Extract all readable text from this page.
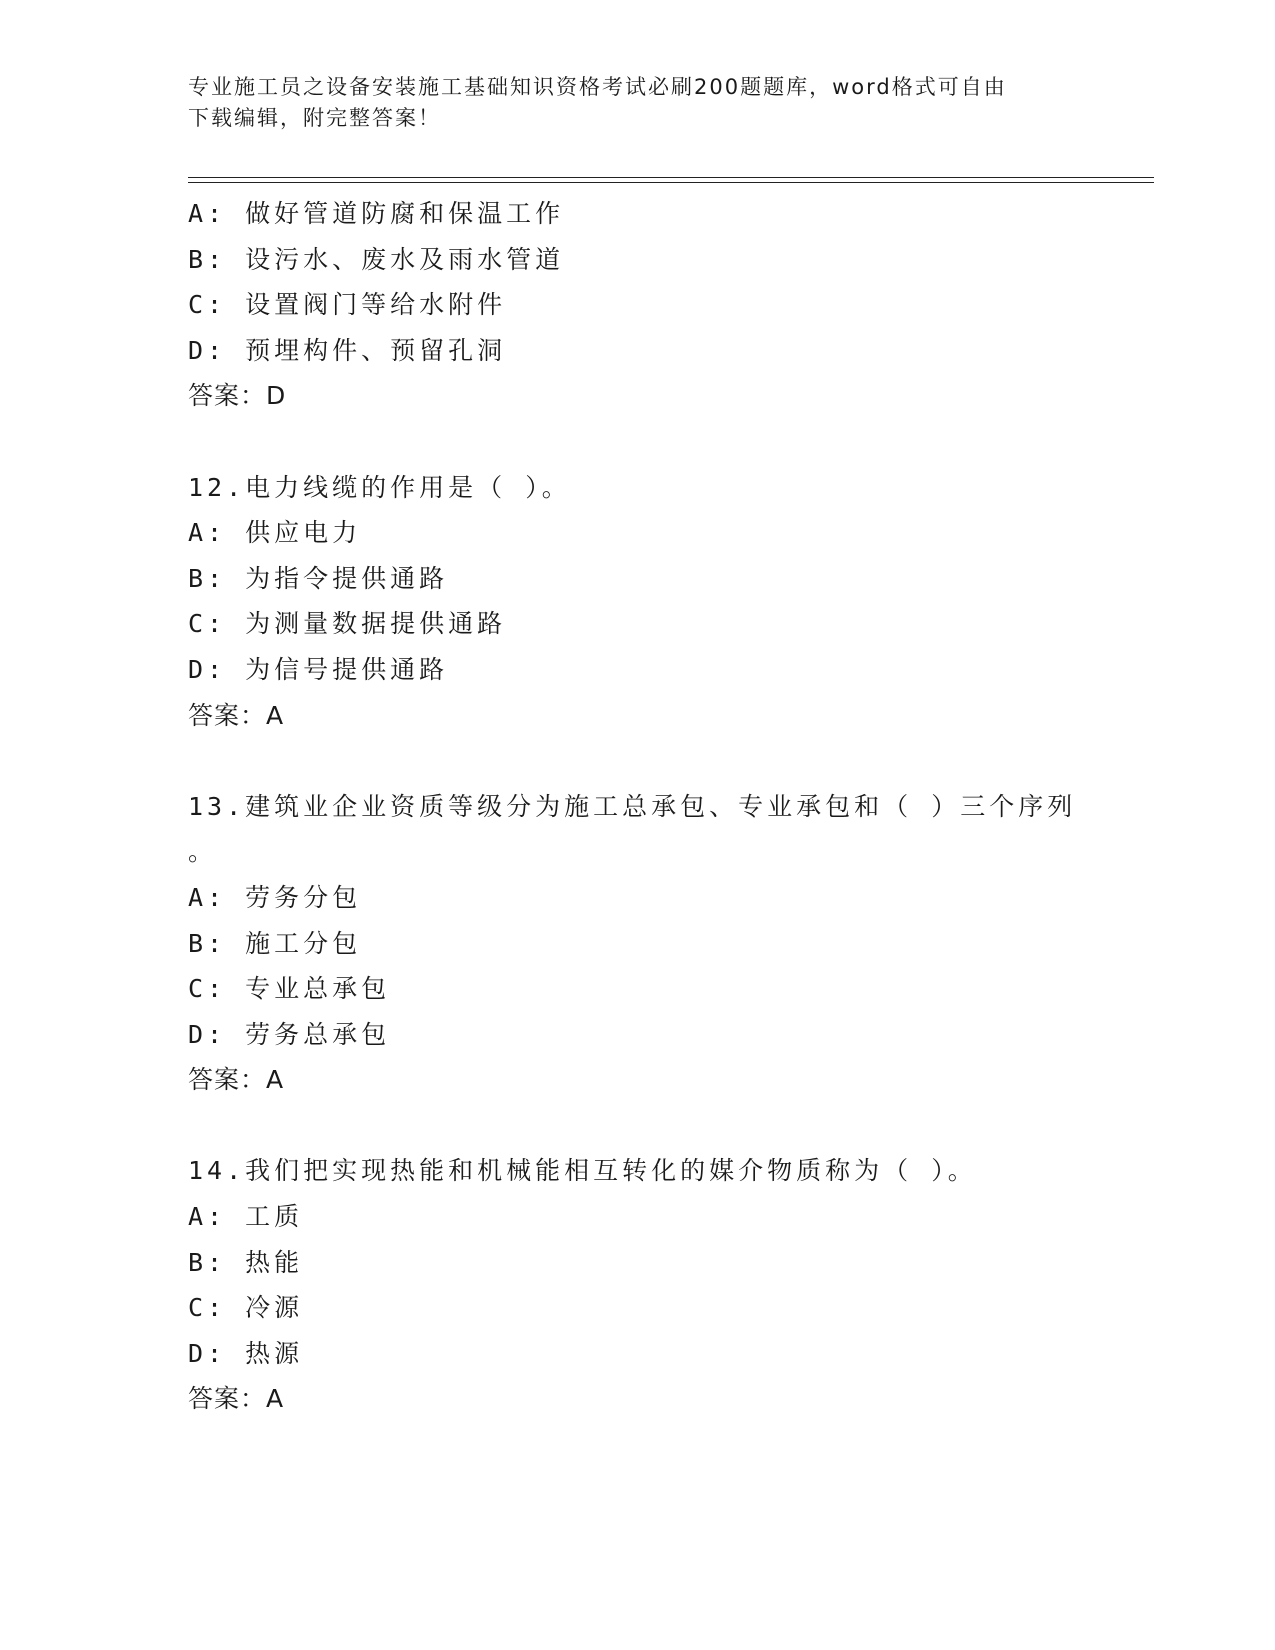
专业施工员之设备安装施工基础知识资格考试必刷200题题库，word格式可自由
下载编辑，附完整答案！
A: 做好管道防腐和保温工作
B: 设污水、废水及雨水管道
C: 设置阀门等给水附件
D: 预埋构件、预留孔洞
答案：D
12.电力线缆的作用是（ ）。
A: 供应电力
B: 为指令提供通路
C: 为测量数据提供通路
D: 为信号提供通路
答案：A
13.建筑业企业资质等级分为施工总承包、专业承包和（ ）三个序列
。
A: 劳务分包
B: 施工分包
C: 专业总承包
D: 劳务总承包
答案：A
14.我们把实现热能和机械能相互转化的媒介物质称为（ ）。
A: 工质
B: 热能
C: 冷源
D: 热源
答案：A
